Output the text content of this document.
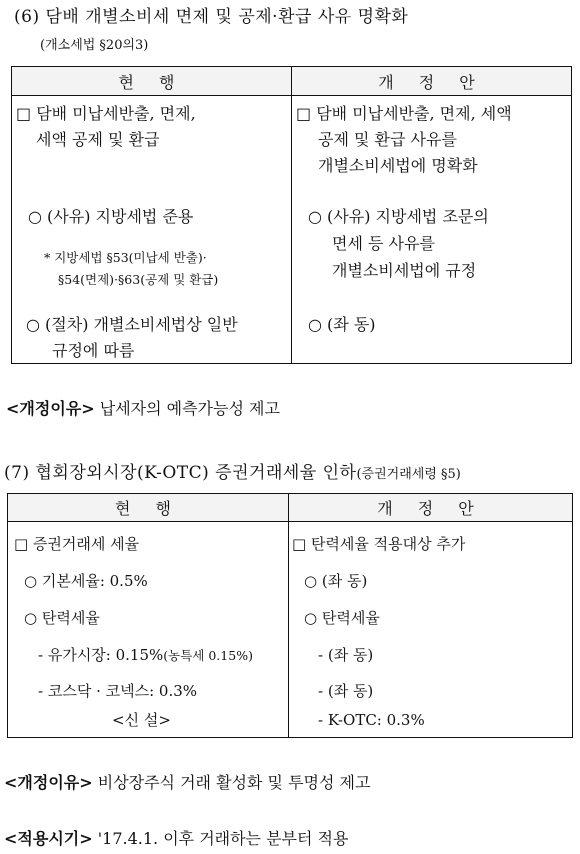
(6) 담배 개별소비세 면제 및 공제·환급 사유 명확화
(개소세법 §20의3)
현 행	개 정 안
□ 담배 미납세반출, 면제,
세액 공제 및 환급
○ (사유) 지방세법 준용
* 지방세법 §53(미납세 반출)·
§54(면제)·§63(공제 및 환급)
○ (절차) 개별소비세법상 일반
규정에 따름
□ 담배 미납세반출, 면제, 세액
공제 및 환급 사유를
개별소비세법에 명확화
○ (사유) 지방세법 조문의
면세 등 사유를
개별소비세법에 규정
○ (좌 동)
<개정이유> 납세자의 예측가능성 제고
(7) 협회장외시장(K-OTC) 증권거래세율 인하(증권거래세령 §5)
현 행	개 정 안
□ 증권거래세 세율
○ 기본세율: 0.5%
○ 탄력세율
- 유가시장: 0.15%(농특세 0.15%)
- 코스닥 · 코넥스: 0.3%
<신 설>
□ 탄력세율 적용대상 추가
○ (좌 동)
○ 탄력세율
- (좌 동)
- (좌 동)
- K-OTC: 0.3%
<개정이유> 비상장주식 거래 활성화 및 투명성 제고
<적용시기> '17.4.1. 이후 거래하는 분부터 적용
